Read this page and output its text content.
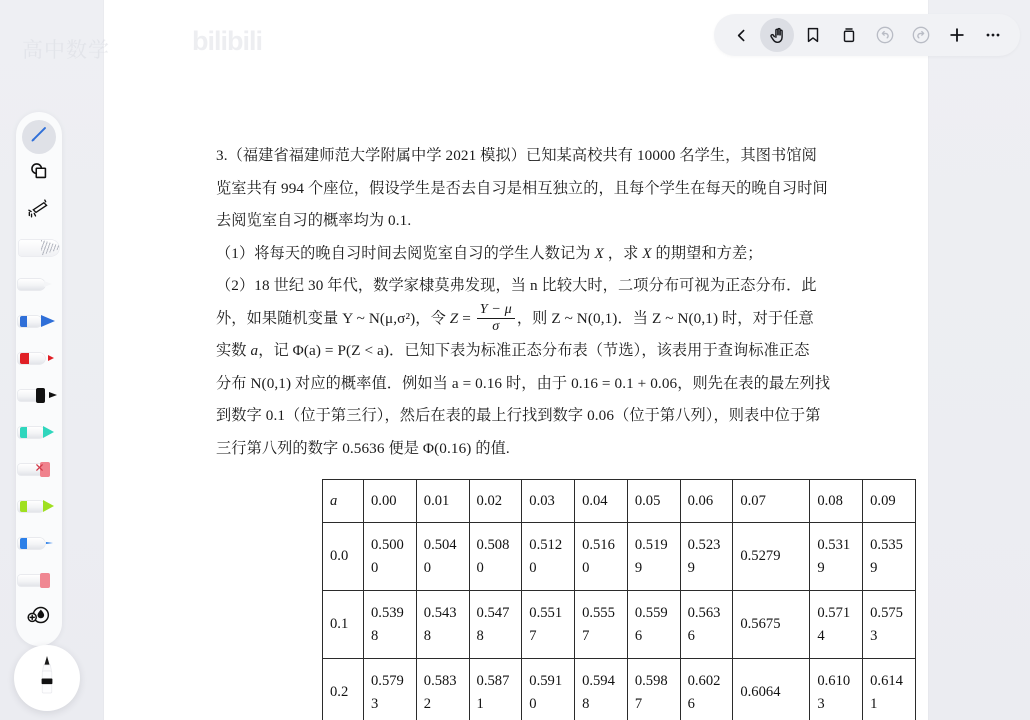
3.（福建省福建师范大学附属中学 2021 模拟）已知某高校共有 10000 名学生，其图书馆阅

览室共有 994 个座位，假设学生是否去自习是相互独立的，且每个学生在每天的晚自习时间

去阅览室自习的概率均为 0.1.

（1）将每天的晚自习时间去阅览室自习的学生人数记为 X ，求 X 的期望和方差；

（2）18 世纪 30 年代，数学家棣莫弗发现，当 n 比较大时，二项分布可视为正态分布．此

外，如果随机变量 Y ~ N(μ,σ²)，令 $Z = \frac{Y - \mu}{\sigma}$ ，则 Z ~ N(0,1)．当 Z ~ N(0,1) 时，对于任意

实数 a，记 Φ(a) = P(Z < a)．已知下表为标准正态分布表（节选），该表用于查询标准正态

分布 N(0,1) 对应的概率值．例如当 a = 0.16 时，由于 0.16 = 0.1 + 0.06，则先在表的最左列找

到数字 0.1（位于第三行），然后在表的最上行找到数字 0.06（位于第八列），则表中位于第

三行第八列的数字 0.5636 便是 Φ(0.16) 的值.

a	0.00	0.01	0.02	0.03	0.04	0.05	0.06	0.07	0.08	0.09
0.0	0.5000	0.5040	0.5080	0.5120	0.5160	0.5199	0.5239	0.5279	0.5319	0.5359
0.1	0.5398	0.5438	0.5478	0.5517	0.5557	0.5596	0.5636	0.5675	0.5714	0.5753
0.2	0.5793	0.5832	0.5871	0.5910	0.5948	0.5987	0.6026	0.6064	0.6103	0.6141
高中数学	bilibili
